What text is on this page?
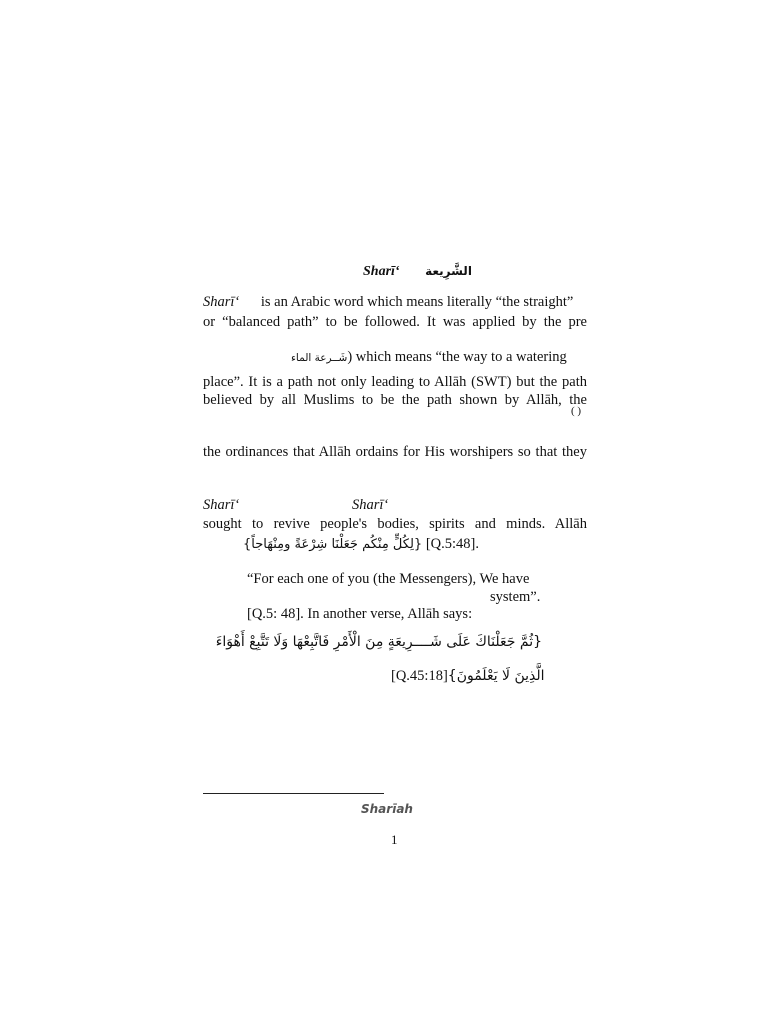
Sharī‘ الشَّرِيعة
Sharī‘ is an Arabic word which means literally “the straight”
or “balanced path” to be followed. It was applied by the pre
شَــرعة الماء) which means “the way to a watering
place”. It is a path not only leading to Allāh (SWT) but the path
believed by all Muslims to be the path shown by Allāh, the
( )
the ordinances that Allāh ordains for His worshipers so that they
Sharī‘	Sharī‘
sought to revive people's bodies, spirits and minds. Allāh
{لِكُلٍّ مِنْكُم جَعَلْنَا شِرْعَةً ومِنْهَاجاً} [Q.5:48].
“For each one of you (the Messengers), We have
system”.
[Q.5: 48]. In another verse, Allāh says:
{ثُمَّ جَعَلْنَاكَ عَلَى شَــــرِيعَةٍ مِنَ الْأَمْرِ فَاتَّبِعْهَا وَلَا تَتَّبِعْ أَهْوَاءَ
[Q.45:18]الَّذِينَ لَا يَعْلَمُونَ}
Sharīah
1
